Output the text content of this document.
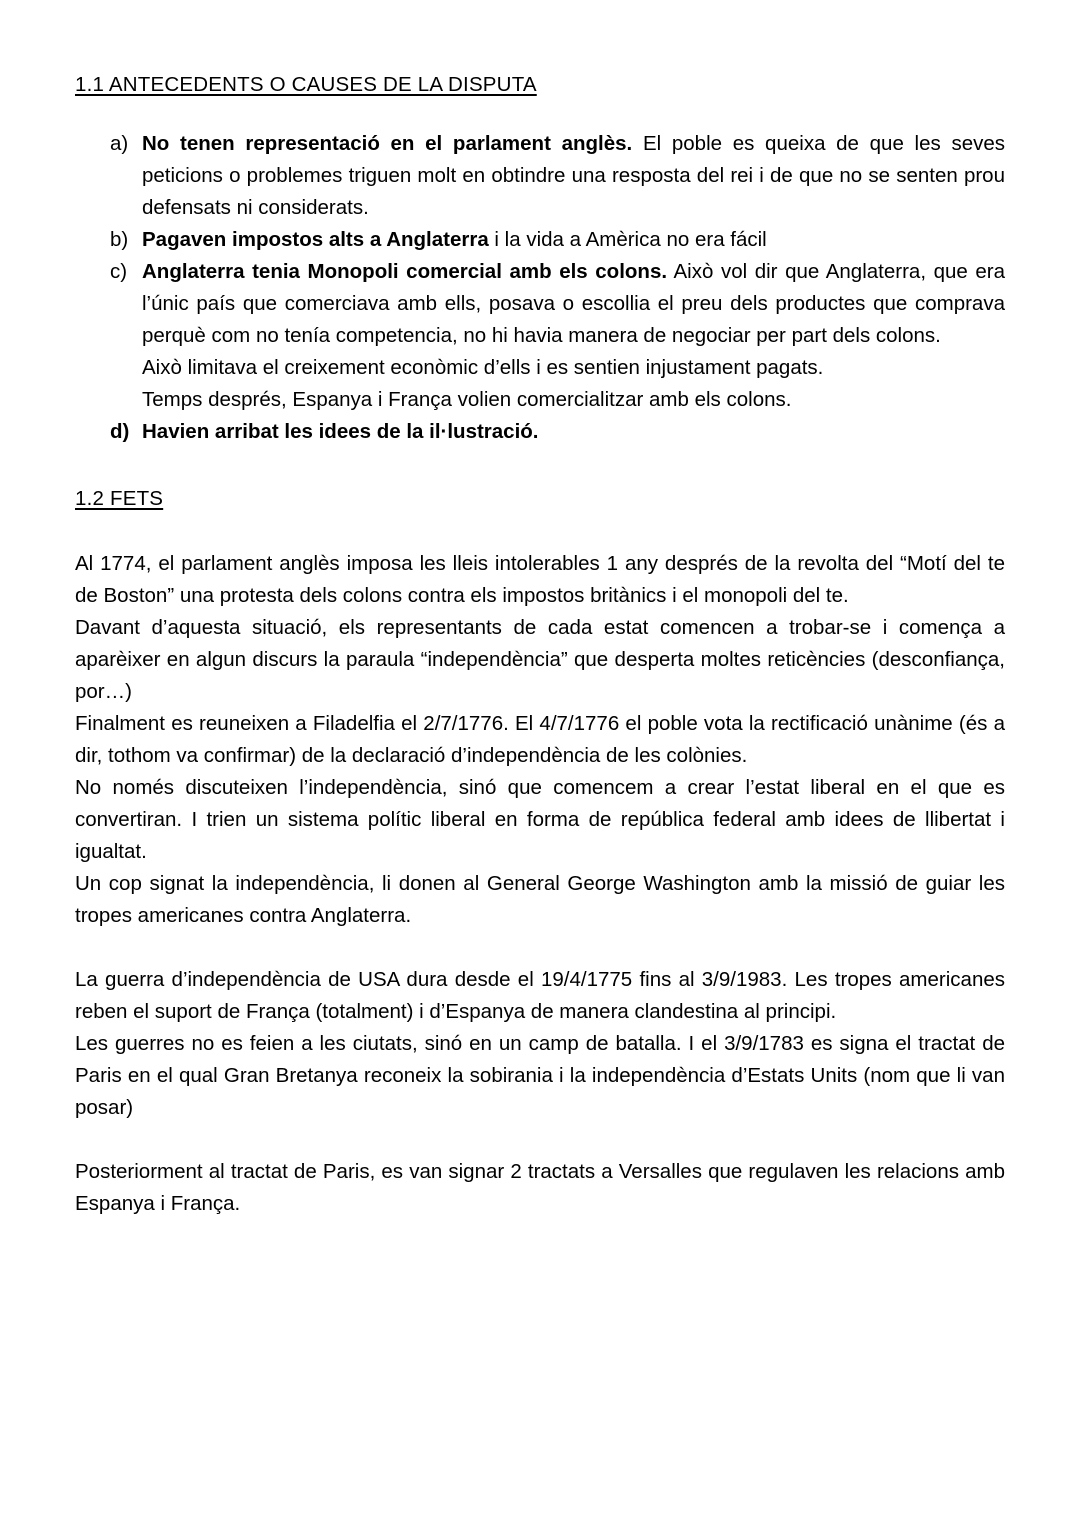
1.1 ANTECEDENTS O CAUSES DE LA DISPUTA
a) No tenen representació en el parlament anglès. El poble es queixa de que les seves peticions o problemes triguen molt en obtindre una resposta del rei i de que no se senten prou defensats ni considerats.
b) Pagaven impostos alts a Anglaterra i la vida a Amèrica no era fácil
c) Anglaterra tenia Monopoli comercial amb els colons. Això vol dir que Anglaterra, que era l’únic país que comerciava amb ells, posava o escollia el preu dels productes que comprava perquè com no tenía competencia, no hi havia manera de negociar per part dels colons.
Això limitava el creixement econòmic d’ells i es sentien injustament pagats.
Temps després, Espanya i França volien comercialitzar amb els colons.
d) Havien arribat les idees de la il·lustració.
1.2 FETS

Al 1774, el parlament anglès imposa les lleis intolerables 1 any després de la revolta del “Motí del te de Boston” una protesta dels colons contra els impostos britànics i el monopoli del te.

Davant d’aquesta situació, els representants de cada estat comencen a trobar-se i comença a aparèixer en algun discurs la paraula “independència” que desperta moltes reticències (desconfiança, por…)

Finalment es reuneixen a Filadelfia el 2/7/1776. El 4/7/1776 el poble vota la rectificació unànime (és a dir, tothom va confirmar) de la declaració d’independència de les colònies.

No només discuteixen l’independència, sinó que comencem a crear l’estat liberal en el que es convertiran. I trien un sistema polític liberal en forma de república federal amb idees de llibertat i igualtat.

Un cop signat la independència, li donen al General George Washington amb la missió de guiar les tropes americanes contra Anglaterra.

La guerra d’independència de USA dura desde el 19/4/1775 fins al 3/9/1983. Les tropes americanes reben el suport de França (totalment) i d’Espanya de manera clandestina al principi.

Les guerres no es feien a les ciutats, sinó en un camp de batalla. I el 3/9/1783 es signa el tractat de Paris en el qual Gran Bretanya reconeix la sobirania i la independència d’Estats Units (nom que li van posar)

Posteriorment al tractat de Paris, es van signar 2 tractats a Versalles que regulaven les relacions amb Espanya i França.
